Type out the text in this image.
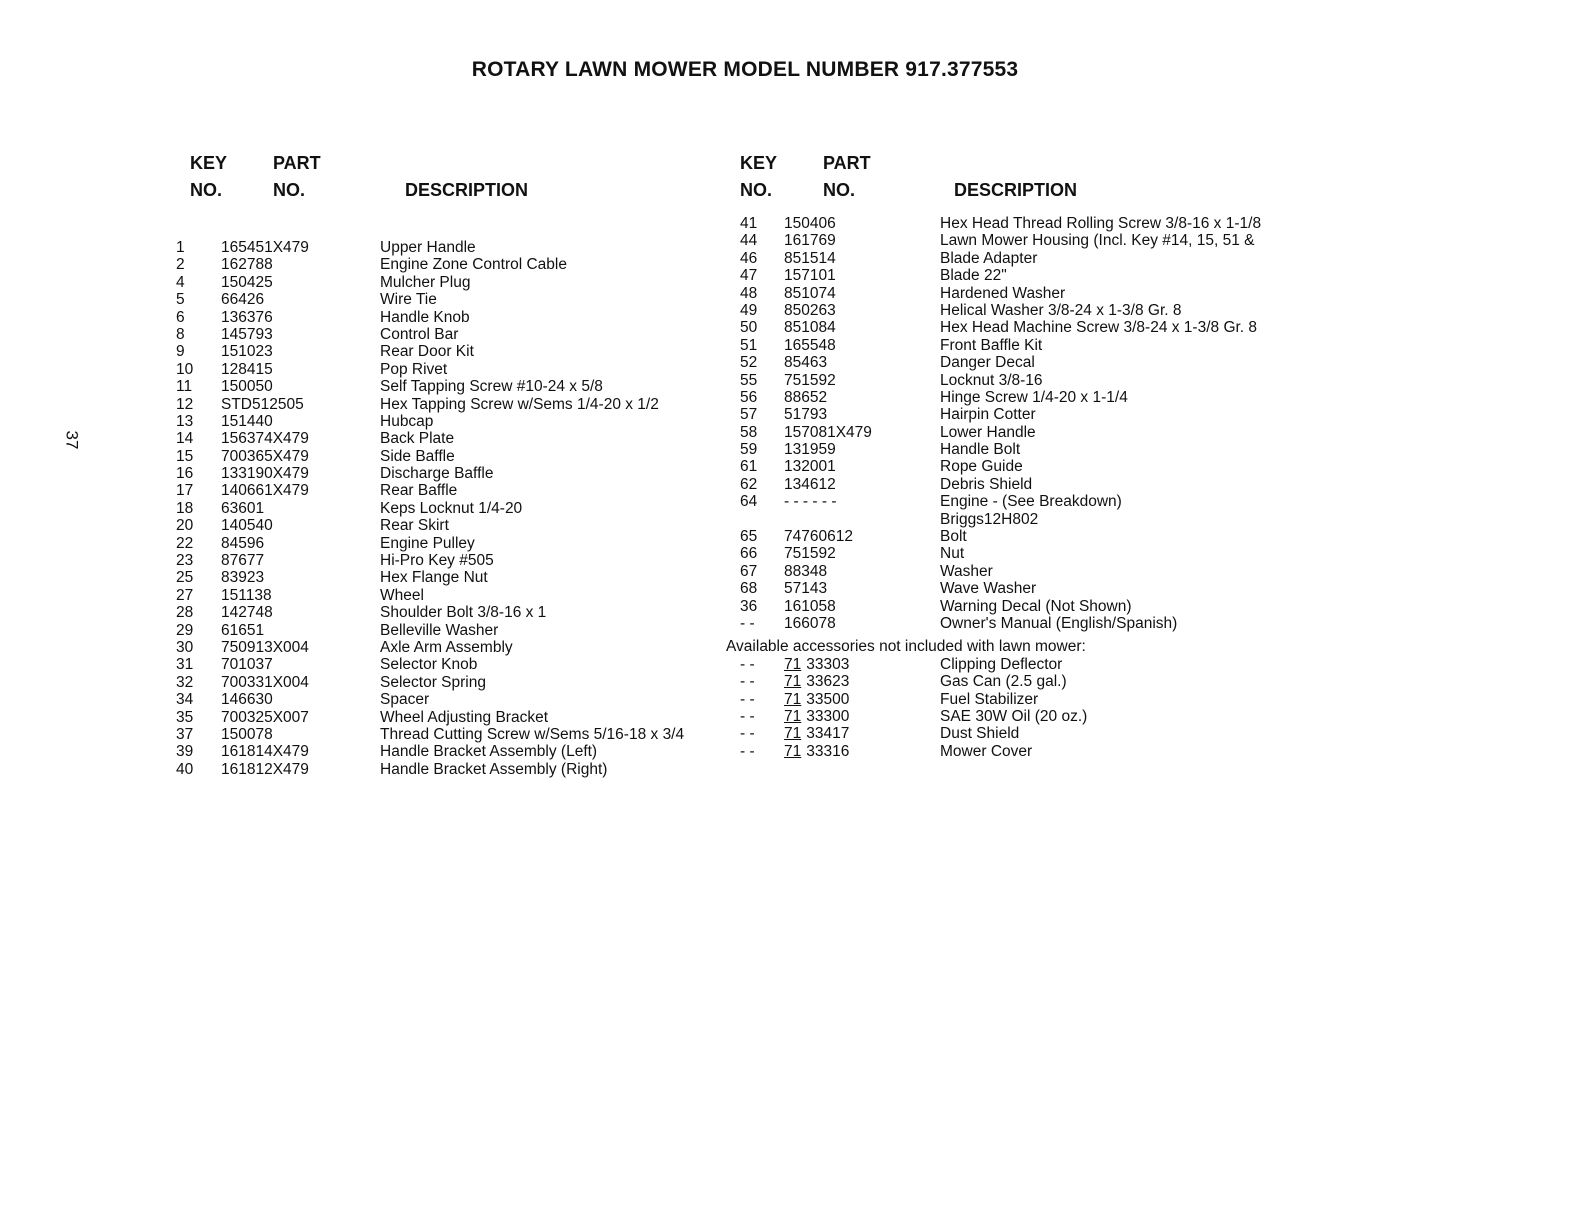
ROTARY LAWN MOWER MODEL NUMBER 917.377553
37
KEY
NO.
PART
NO.	DESCRIPTION
KEY
NO.
PART
NO.	DESCRIPTION
1 165451X479	Upper Handle
2 162788	Engine Zone Control Cable
4 150425	Mulcher Plug
5 66426	Wire Tie
6 136376	Handle Knob
8 145793	Control Bar
9 151023	Rear Door Kit
10 128415	Pop Rivet
11 150050	Self Tapping Screw #10-24 x 5/8
12 STD512505	Hex Tapping Screw w/Sems 1/4-20 x 1/2
13 151440	Hubcap
14 156374X479	Back Plate
15 700365X479	Side Baffle
16 133190X479	Discharge Baffle
17 140661X479	Rear Baffle
18 63601	Keps Locknut 1/4-20
20 140540	Rear Skirt
22 84596	Engine Pulley
23 87677	Hi-Pro Key #505
25 83923	Hex Flange Nut
27 151138	Wheel
28 142748	Shoulder Bolt 3/8-16 x 1
29 61651	Belleville Washer
30 750913X004	Axle Arm Assembly
31 701037	Selector Knob
32 700331X004	Selector Spring
34 146630	Spacer
35 700325X007	Wheel Adjusting Bracket
37 150078	Thread Cutting Screw w/Sems 5/16-18 x 3/4
39 161814X479	Handle Bracket Assembly (Left)
40 161812X479	Handle Bracket Assembly (Right)
41 150406	Hex Head Thread Rolling Screw 3/8-16 x 1-1/8
44 161769	Lawn Mower Housing (Incl. Key #14, 15, 51 &
46 851514	Blade Adapter
47 157101	Blade 22"
48 851074	Hardened Washer
49 850263	Helical Washer 3/8-24 x 1-3/8 Gr. 8
50 851084	Hex Head Machine Screw 3/8-24 x 1-3/8 Gr. 8
51 165548	Front Baffle Kit
52 85463	Danger Decal
55 751592	Locknut 3/8-16
56 88652	Hinge Screw 1/4-20 x 1-1/4
57 51793	Hairpin Cotter
58 157081X479	Lower Handle
59 131959	Handle Bolt
61 132001	Rope Guide
62 134612	Debris Shield
64 - - - - - -	Engine - (See Breakdown)
Briggs12H802
65 74760612	Bolt
66 751592	Nut
67 88348	Washer
68 57143	Wave Washer
36 161058	Warning Decal (Not Shown)
- - 166078	Owner's Manual (English/Spanish)
Available accessories not included with lawn mower:
- - 71 33303	Clipping Deflector
- - 71 33623	Gas Can (2.5 gal.)
- - 71 33500	Fuel Stabilizer
- - 71 33300	SAE 30W Oil (20 oz.)
- - 71 33417	Dust Shield
- - 71 33316	Mower Cover
